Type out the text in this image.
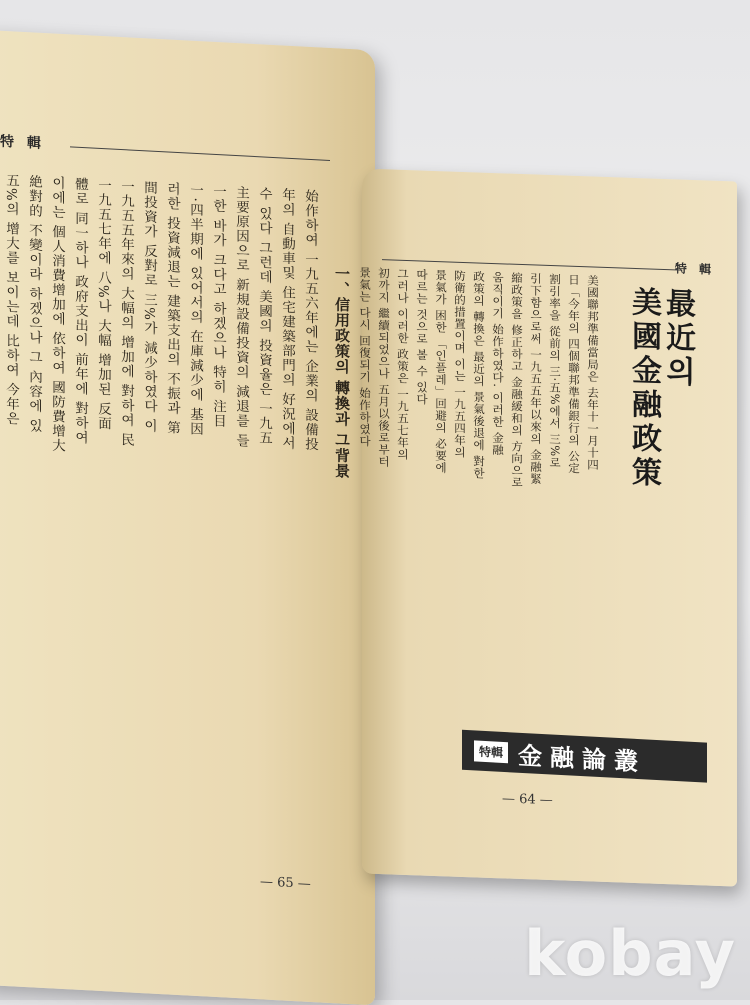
特 輯

始作하여 一九五六年에는 企業의 設備投

年의 自動車및 住宅建築部門의 好況에서

수 있다 그런데 美國의 投資율은 一九五

主要原因으로 新規設備投資의 減退를 들

一한 바가 크다고 하겠으나 特히 注目

一·四半期에 있어서의 在庫減少에 基因

러한 投資減退는 建築支出의 不振과 第

間投資가 反對로 三%가 減少하였다 이

一九五五年來의 大幅의 增加에 對하여 民

一九五七年에 八%나 大幅 增加된 反面

體로 同一하나 政府支出이 前年에 對하여

이에는 個人消費增加에 依하여 國防費增大

絶對的 不變이라 하겠으나 그 內容에 있

五%의 增大를 보이는데 比하여 今年은

— 65 —
特 輯

美國聯邦準備當局은 去年十一月十四

日「今年의 四個聯邦準備銀行의 公定

割引率을 從前의 三·五%에서 三%로

引下함으로써 一九五五年以來의 金融緊

縮政策을 修正하고 金融緩和의 方向으로

움직이기 始作하였다. 이러한 金融

政策의 轉換은 最近의 景氣後退에 對한

防衛的措置이며 이는 一九五四年의

景氣가 困한 「인플레」回避의 必要에

따르는 것으로 볼 수 있다

그러나 이러한 政策은 一九五七年의

初까지 繼續되었으나 五月以後로부터

景氣는 다시 回復되기 始作하였다

一、信用政策의 轉換과 그背景	最近의
美國金融政策
特輯 金融論叢
— 64 —
kobay
